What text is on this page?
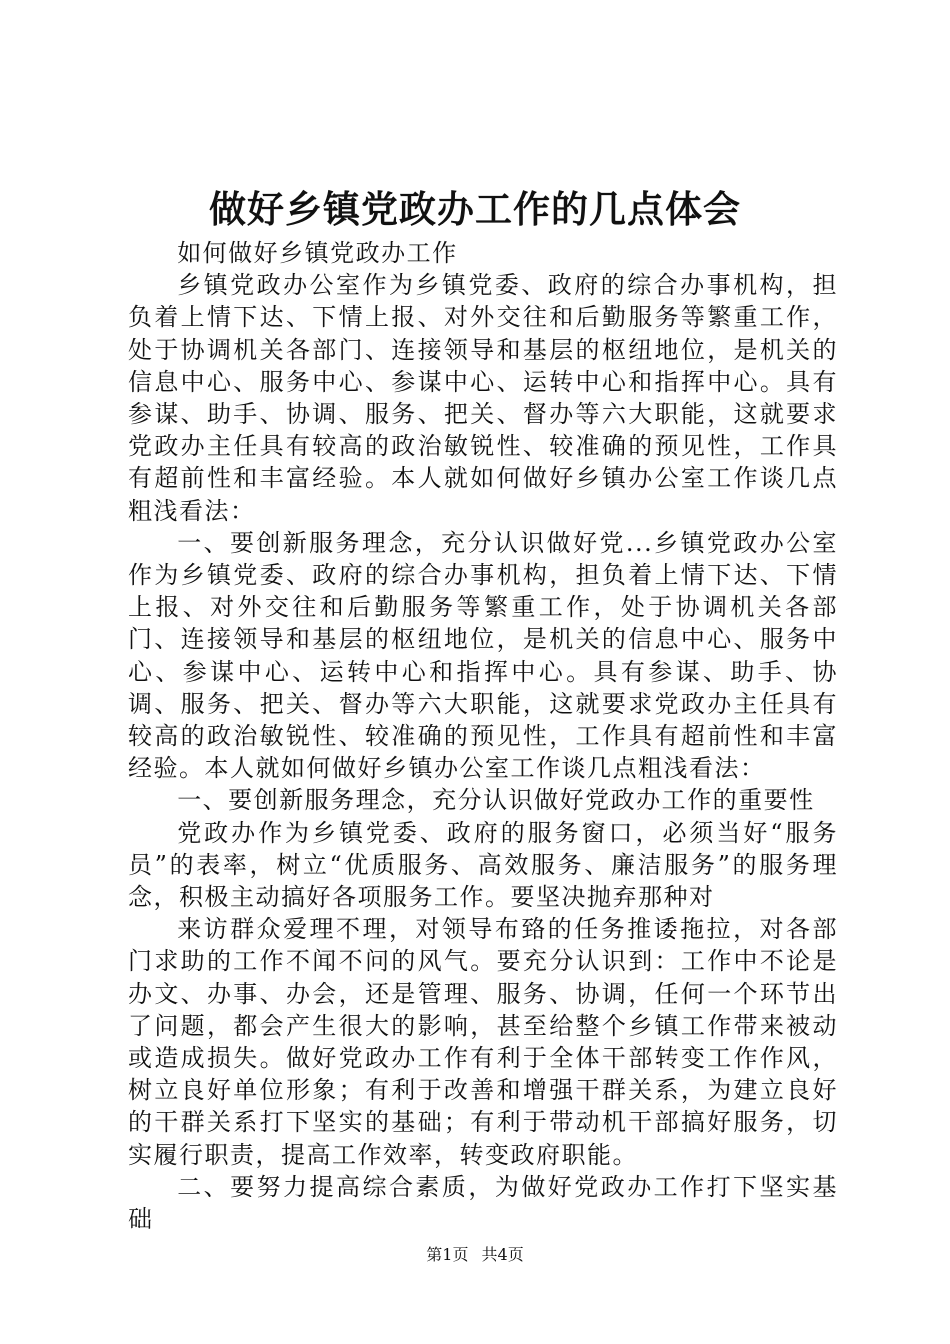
做好乡镇党政办工作的几点体会

如何做好乡镇党政办工作

乡镇党政办公室作为乡镇党委、政府的综合办事机构，担负着上情下达、下情上报、对外交往和后勤服务等繁重工作，处于协调机关各部门、连接领导和基层的枢纽地位，是机关的信息中心、服务中心、参谋中心、运转中心和指挥中心。具有参谋、助手、协调、服务、把关、督办等六大职能，这就要求党政办主任具有较高的政治敏锐性、较准确的预见性，工作具有超前性和丰富经验。本人就如何做好乡镇办公室工作谈几点粗浅看法：

一、要创新服务理念，充分认识做好党...乡镇党政办公室作为乡镇党委、政府的综合办事机构，担负着上情下达、下情上报、对外交往和后勤服务等繁重工作，处于协调机关各部门、连接领导和基层的枢纽地位，是机关的信息中心、服务中心、参谋中心、运转中心和指挥中心。具有参谋、助手、协调、服务、把关、督办等六大职能，这就要求党政办主任具有较高的政治敏锐性、较准确的预见性，工作具有超前性和丰富经验。本人就如何做好乡镇办公室工作谈几点粗浅看法：

一、要创新服务理念，充分认识做好党政办工作的重要性

党政办作为乡镇党委、政府的服务窗口，必须当好“服务员”的表率，树立“优质服务、高效服务、廉洁服务”的服务理念，积极主动搞好各项服务工作。要坚决抛弃那种对

来访群众爱理不理，对领导布臵的任务推诿拖拉，对各部门求助的工作不闻不问的风气。要充分认识到：工作中不论是办文、办事、办会，还是管理、服务、协调，任何一个环节出了问题，都会产生很大的影响，甚至给整个乡镇工作带来被动或造成损失。做好党政办工作有利于全体干部转变工作作风，树立良好单位形象；有利于改善和增强干群关系，为建立良好的干群关系打下坚实的基础；有利于带动机干部搞好服务，切实履行职责，提高工作效率，转变政府职能。

二、要努力提高综合素质，为做好党政办工作打下坚实基础

第1页 共4页
